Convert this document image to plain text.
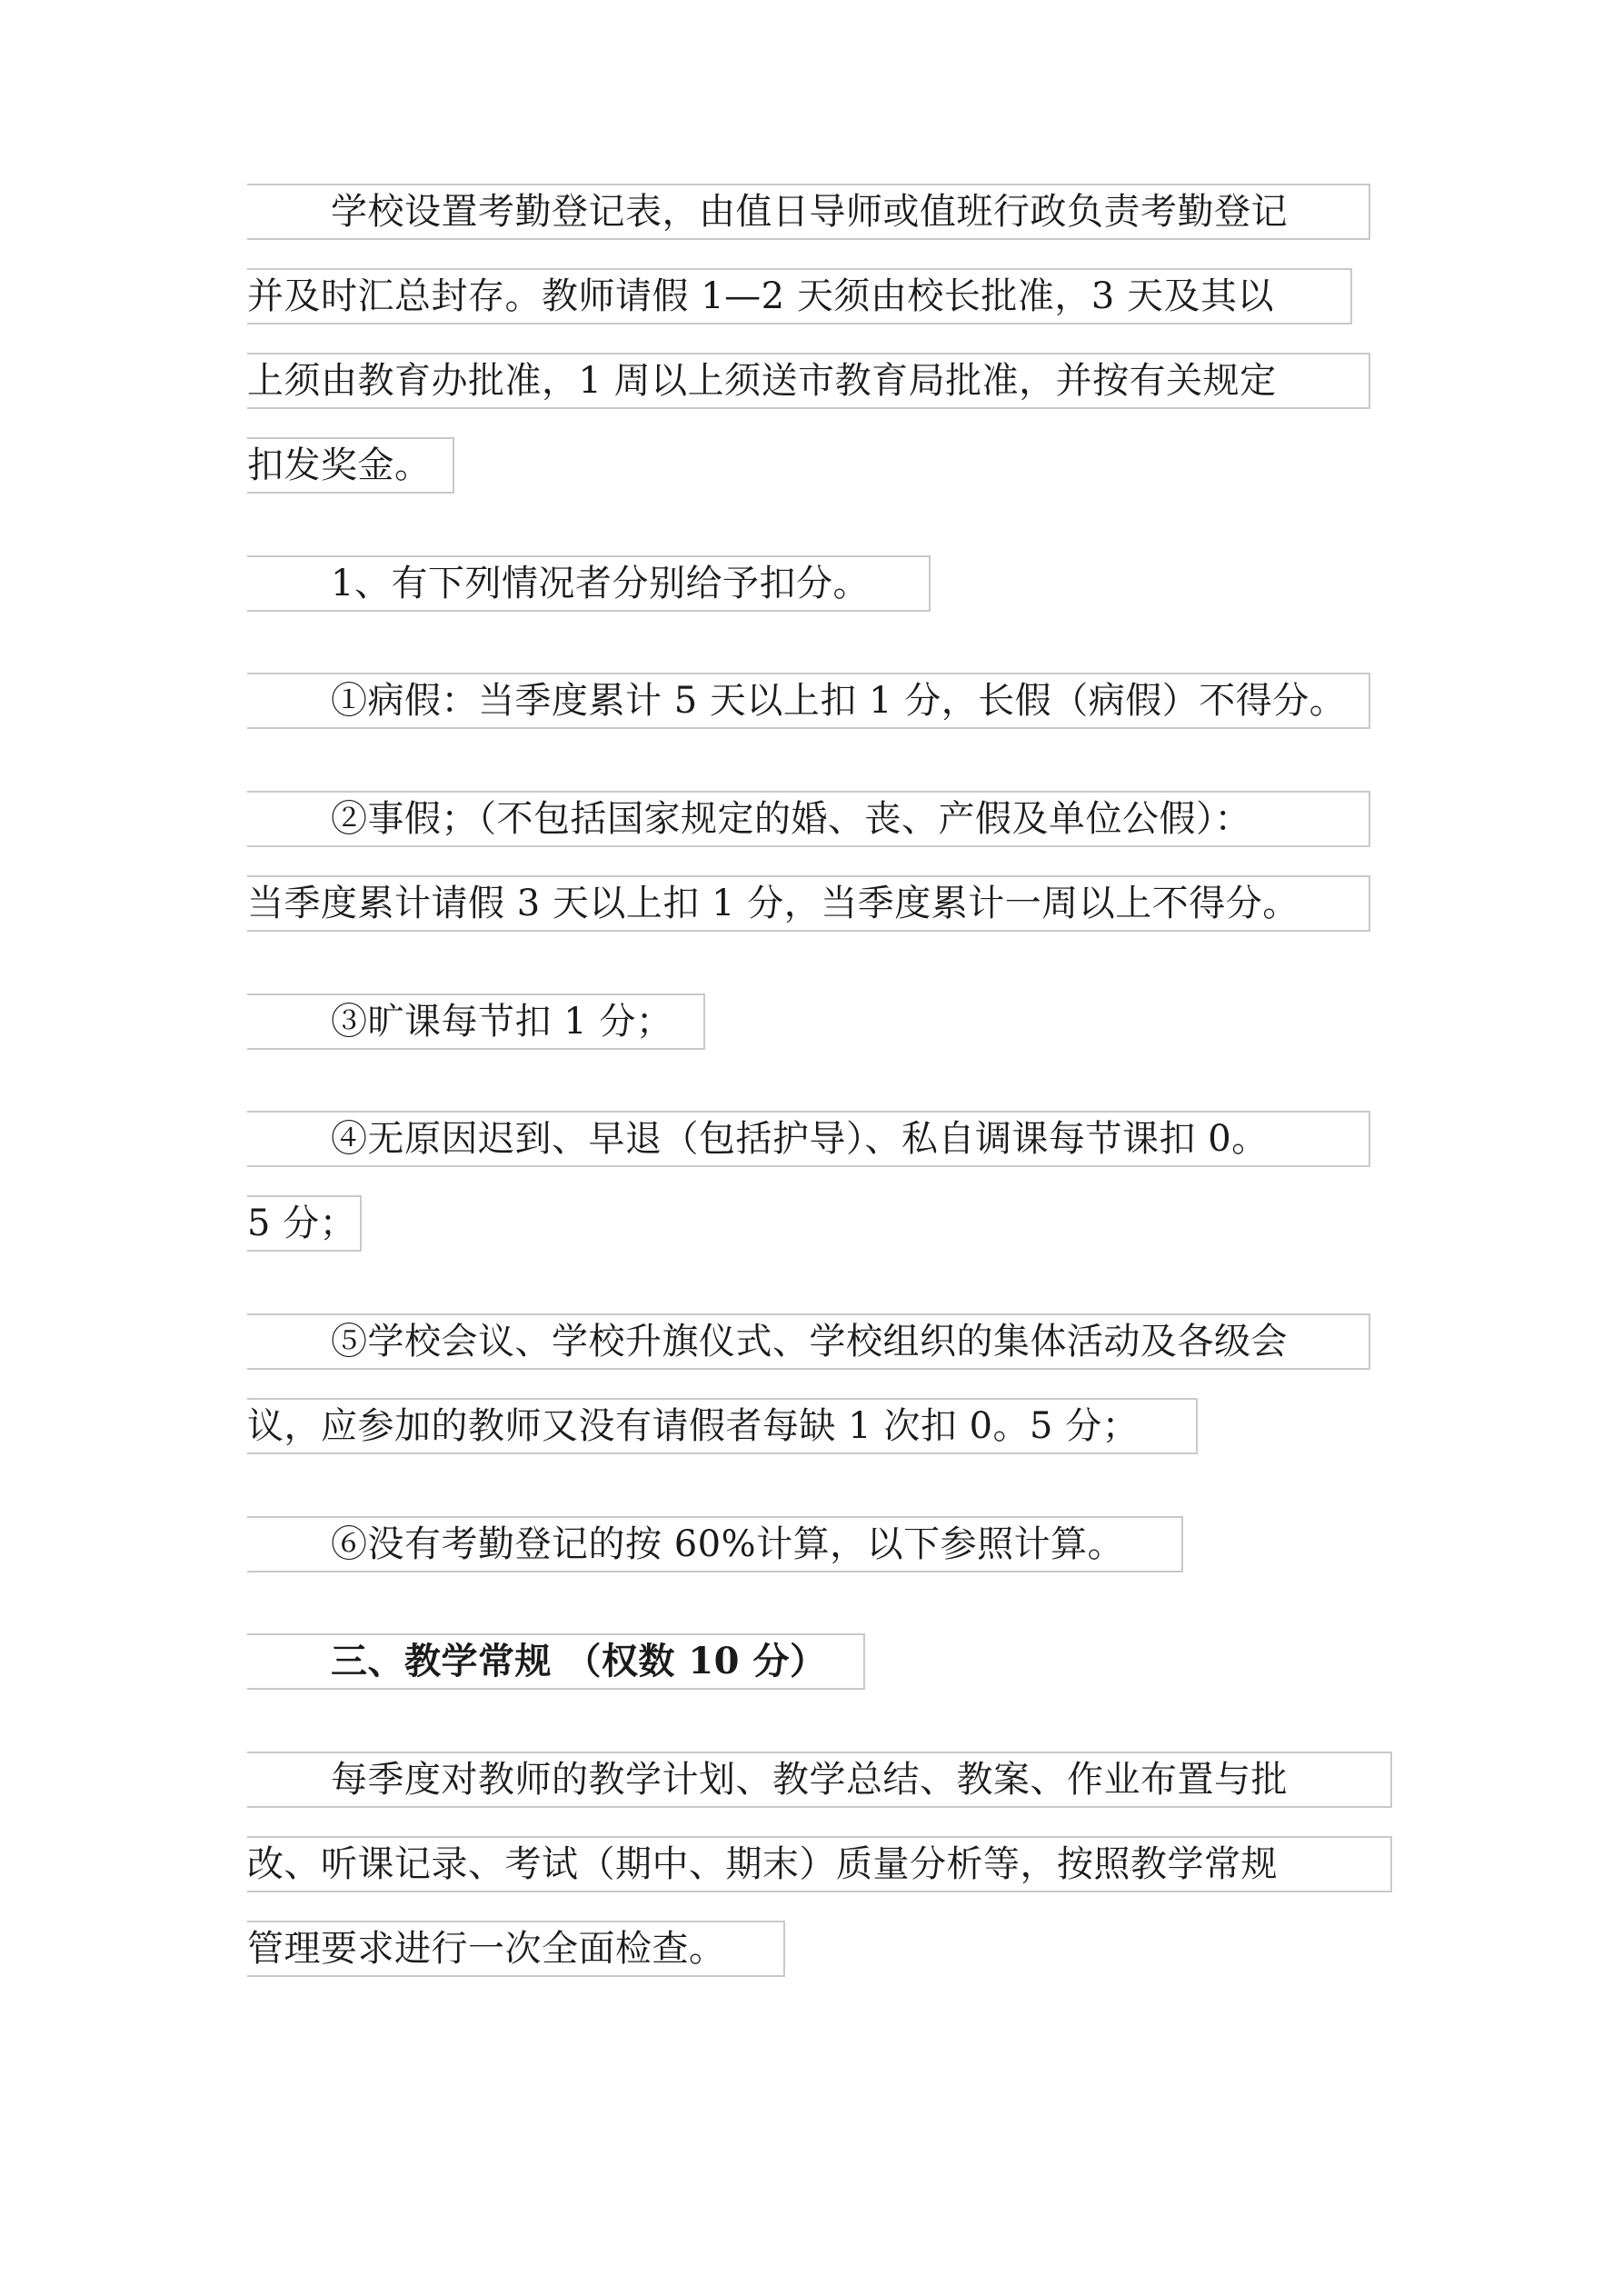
学校设置考勤登记表，由值日导师或值班行政负责考勤登记
并及时汇总封存。教师请假 1—2 天须由校长批准，3 天及其以
上须由教育办批准，1 周以上须送市教育局批准，并按有关规定
扣发奖金。
1、有下列情况者分别给予扣分。
①病假：当季度累计 5 天以上扣 1 分，长假（病假）不得分。
②事假；（不包括国家规定的婚、丧、产假及单位公假）：
当季度累计请假 3 天以上扣 1 分，当季度累计一周以上不得分。
③旷课每节扣 1 分；
④无原因迟到、早退（包括护导）、私自调课每节课扣 0。
5 分；
⑤学校会议、学校升旗仪式、学校组织的集体活动及各级会
议，应参加的教师又没有请假者每缺 1 次扣 0。5 分；
⑥没有考勤登记的按 60%计算，以下参照计算。
三、教学常规 （权数 10 分）
每季度对教师的教学计划、教学总结、教案、作业布置与批
改、听课记录、考试（期中、期末）质量分析等，按照教学常规
管理要求进行一次全面检查。
